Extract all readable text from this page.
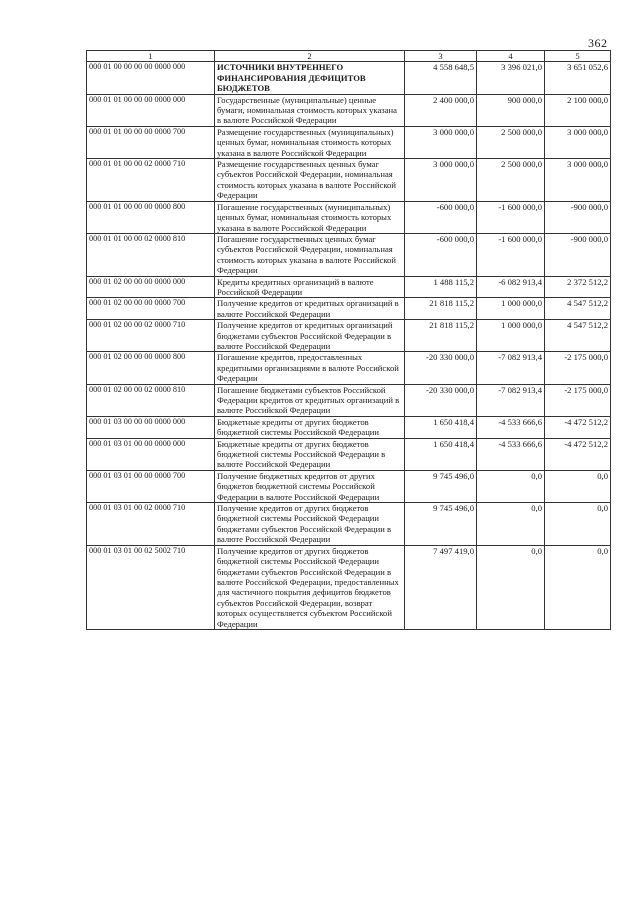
362
1	2	3	4	5
000 01 00 00 00 00 0000 000	ИСТОЧНИКИ ВНУТРЕННЕГО ФИНАНСИРОВАНИЯ ДЕФИЦИТОВ БЮДЖЕТОВ	4 558 648,5	3 396 021,0	3 651 052,6
000 01 01 00 00 00 0000 000	Государственные (муниципальные) ценные бумаги, номинальная стоимость которых указана в валюте Российской Федерации	2 400 000,0	900 000,0	2 100 000,0
000 01 01 00 00 00 0000 700	Размещение государственных (муниципальных) ценных бумаг, номинальная стоимость которых указана в валюте Российской Федерации	3 000 000,0	2 500 000,0	3 000 000,0
000 01 01 00 00 02 0000 710	Размещение государственных ценных бумаг субъектов Российской Федерации, номинальная стоимость которых указана в валюте Российской Федерации	3 000 000,0	2 500 000,0	3 000 000,0
000 01 01 00 00 00 0000 800	Погашение государственных (муниципальных) ценных бумаг, номинальная стоимость которых указана в валюте Российской Федерации	-600 000,0	-1 600 000,0	-900 000,0
000 01 01 00 00 02 0000 810	Погашение государственных ценных бумаг субъектов Российской Федерации, номинальная стоимость которых указана в валюте Российской Федерации	-600 000,0	-1 600 000,0	-900 000,0
000 01 02 00 00 00 0000 000	Кредиты кредитных организаций в валюте Российской Федерации	1 488 115,2	-6 082 913,4	2 372 512,2
000 01 02 00 00 00 0000 700	Получение кредитов от кредитных организаций в валюте Российской Федерации	21 818 115,2	1 000 000,0	4 547 512,2
000 01 02 00 00 02 0000 710	Получение кредитов от кредитных организаций бюджетами субъектов Российской Федерации в валюте Российской Федерации	21 818 115,2	1 000 000,0	4 547 512,2
000 01 02 00 00 00 0000 800	Погашение кредитов, предоставленных кредитными организациями в валюте Российской Федерации	-20 330 000,0	-7 082 913,4	-2 175 000,0
000 01 02 00 00 02 0000 810	Погашение бюджетами субъектов Российской Федерации кредитов от кредитных организаций в валюте Российской Федерации	-20 330 000,0	-7 082 913,4	-2 175 000,0
000 01 03 00 00 00 0000 000	Бюджетные кредиты от других бюджетов бюджетной системы Российской Федерации	1 650 418,4	-4 533 666,6	-4 472 512,2
000 01 03 01 00 00 0000 000	Бюджетные кредиты от других бюджетов бюджетной системы Российской Федерации в валюте Российской Федерации	1 650 418,4	-4 533 666,6	-4 472 512,2
000 01 03 01 00 00 0000 700	Получение бюджетных кредитов от других бюджетов бюджетной системы Российской Федерации в валюте Российской Федерации	9 745 496,0	0,0	0,0
000 01 03 01 00 02 0000 710	Получение кредитов от других бюджетов бюджетной системы Российской Федерации бюджетами субъектов Российской Федерации в валюте Российской Федерации	9 745 496,0	0,0	0,0
000 01 03 01 00 02 5002 710	Получение кредитов от других бюджетов бюджетной системы Российской Федерации бюджетами субъектов Российской Федерации в валюте Российской Федерации, предоставленных для частичного покрытия дефицитов бюджетов субъектов Российской Федерации, возврат которых осуществляется субъектом Российской Федерации	7 497 419,0	0,0	0,0
